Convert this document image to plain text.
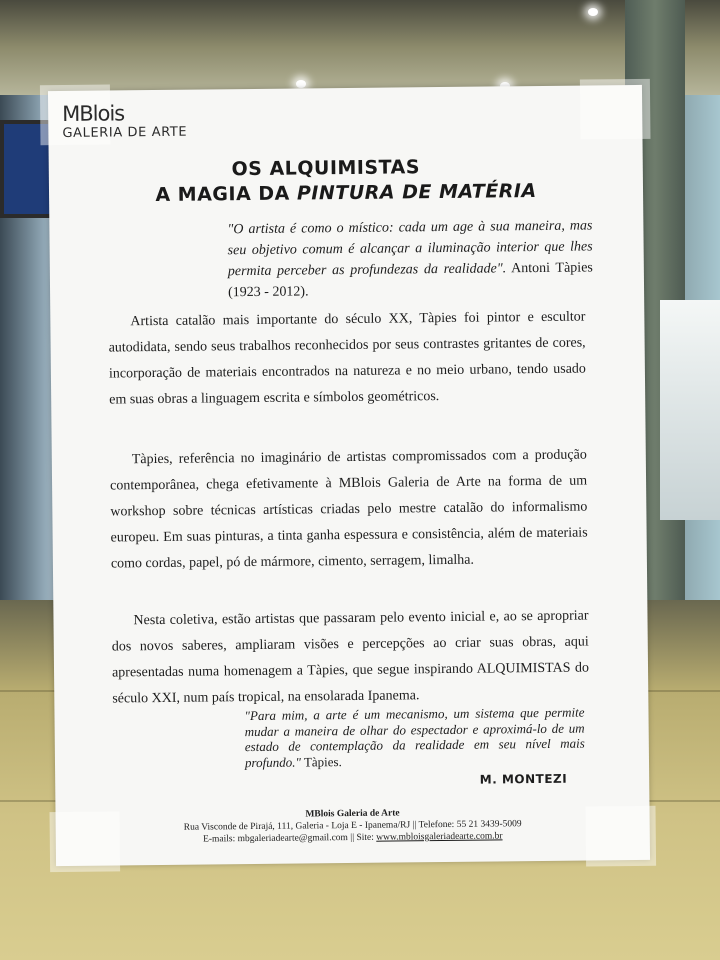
MBlois
GALERIA DE ARTE
OS ALQUIMISTAS
A MAGIA DA PINTURA DE MATÉRIA
"O artista é como o místico: cada um age à sua maneira, mas seu objetivo comum é alcançar a iluminação interior que lhes permita perceber as profundezas da realidade". Antoni Tàpies (1923 - 2012).
Artista catalão mais importante do século XX, Tàpies foi pintor e escultor autodidata, sendo seus trabalhos reconhecidos por seus contrastes gritantes de cores, incorporação de materiais encontrados na natureza e no meio urbano, tendo usado em suas obras a linguagem escrita e símbolos geométricos.
Tàpies, referência no imaginário de artistas compromissados com a produção contemporânea, chega efetivamente à MBlois Galeria de Arte na forma de um workshop sobre técnicas artísticas criadas pelo mestre catalão do informalismo europeu. Em suas pinturas, a tinta ganha espessura e consistência, além de materiais como cordas, papel, pó de mármore, cimento, serragem, limalha.
Nesta coletiva, estão artistas que passaram pelo evento inicial e, ao se apropriar dos novos saberes, ampliaram visões e percepções ao criar suas obras, aqui apresentadas numa homenagem a Tàpies, que segue inspirando ALQUIMISTAS do século XXI, num país tropical, na ensolarada Ipanema.
"Para mim, a arte é um mecanismo, um sistema que permite mudar a maneira de olhar do espectador e aproximá-lo de um estado de contemplação da realidade em seu nível mais profundo." Tàpies.
M. MONTEZI
MBlois Galeria de Arte
Rua Visconde de Pirajá, 111, Galeria - Loja E - Ipanema/RJ || Telefone: 55 21 3439-5009
E-mails: mbgaleriadearte@gmail.com || Site: www.mbloisgaleriadearte.com.br
